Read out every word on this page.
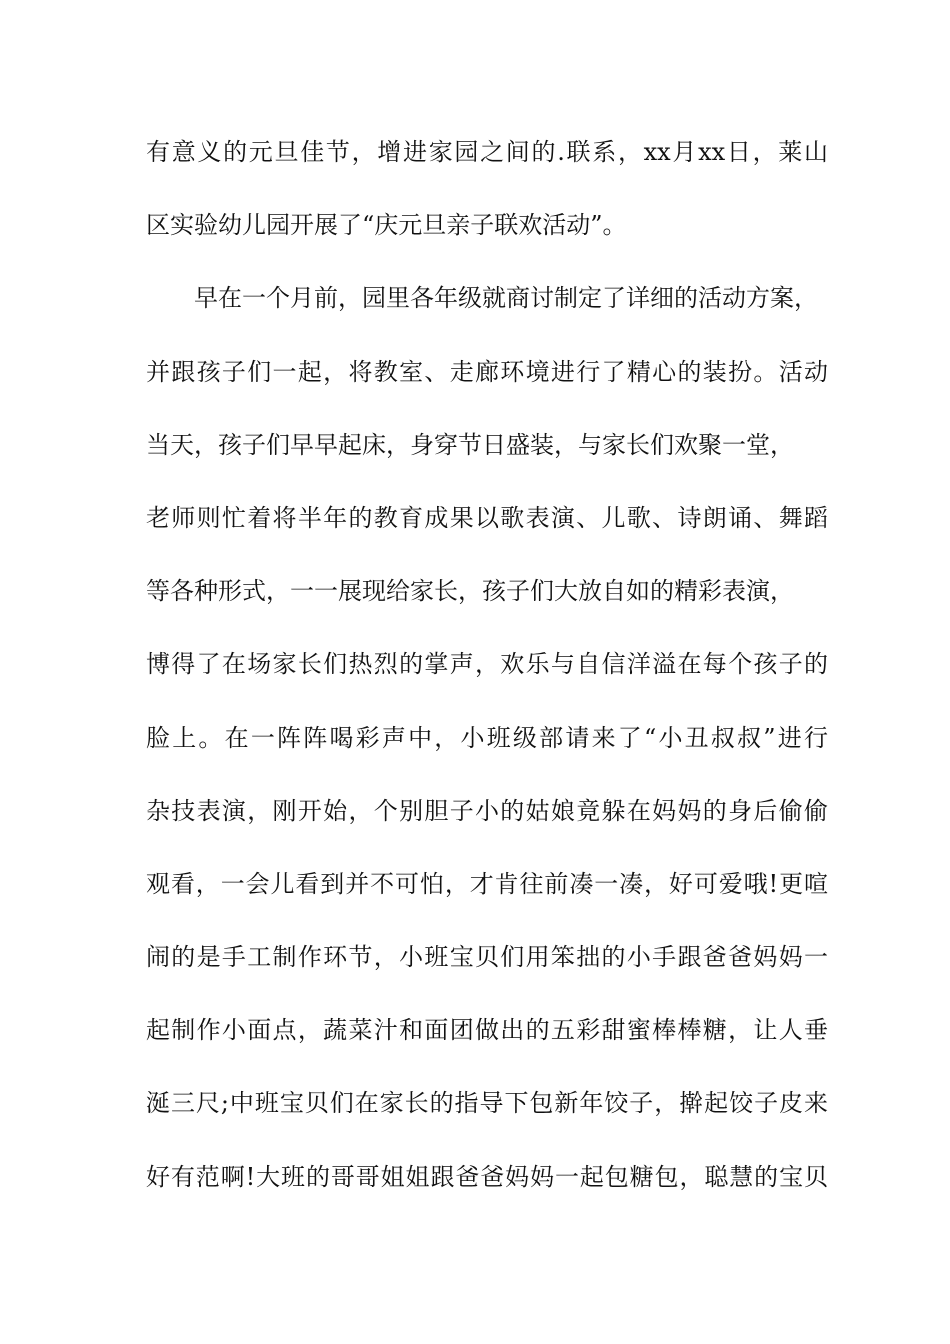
有意义的元旦佳节，增进家园之间的.联系，xx月xx日，莱山
区实验幼儿园开展了“庆元旦亲子联欢活动”。
早在一个月前，园里各年级就商讨制定了详细的活动方案，
并跟孩子们一起，将教室、走廊环境进行了精心的装扮。活动
当天，孩子们早早起床，身穿节日盛装，与家长们欢聚一堂，
老师则忙着将半年的教育成果以歌表演、儿歌、诗朗诵、舞蹈
等各种形式，一一展现给家长，孩子们大放自如的精彩表演，
博得了在场家长们热烈的掌声，欢乐与自信洋溢在每个孩子的
脸上。在一阵阵喝彩声中，小班级部请来了“小丑叔叔”进行
杂技表演，刚开始，个别胆子小的姑娘竟躲在妈妈的身后偷偷
观看，一会儿看到并不可怕，才肯往前凑一凑，好可爱哦!更喧
闹的是手工制作环节，小班宝贝们用笨拙的小手跟爸爸妈妈一
起制作小面点，蔬菜汁和面团做出的五彩甜蜜棒棒糖，让人垂
涎三尺;中班宝贝们在家长的指导下包新年饺子，擀起饺子皮来
好有范啊!大班的哥哥姐姐跟爸爸妈妈一起包糖包，聪慧的宝贝
